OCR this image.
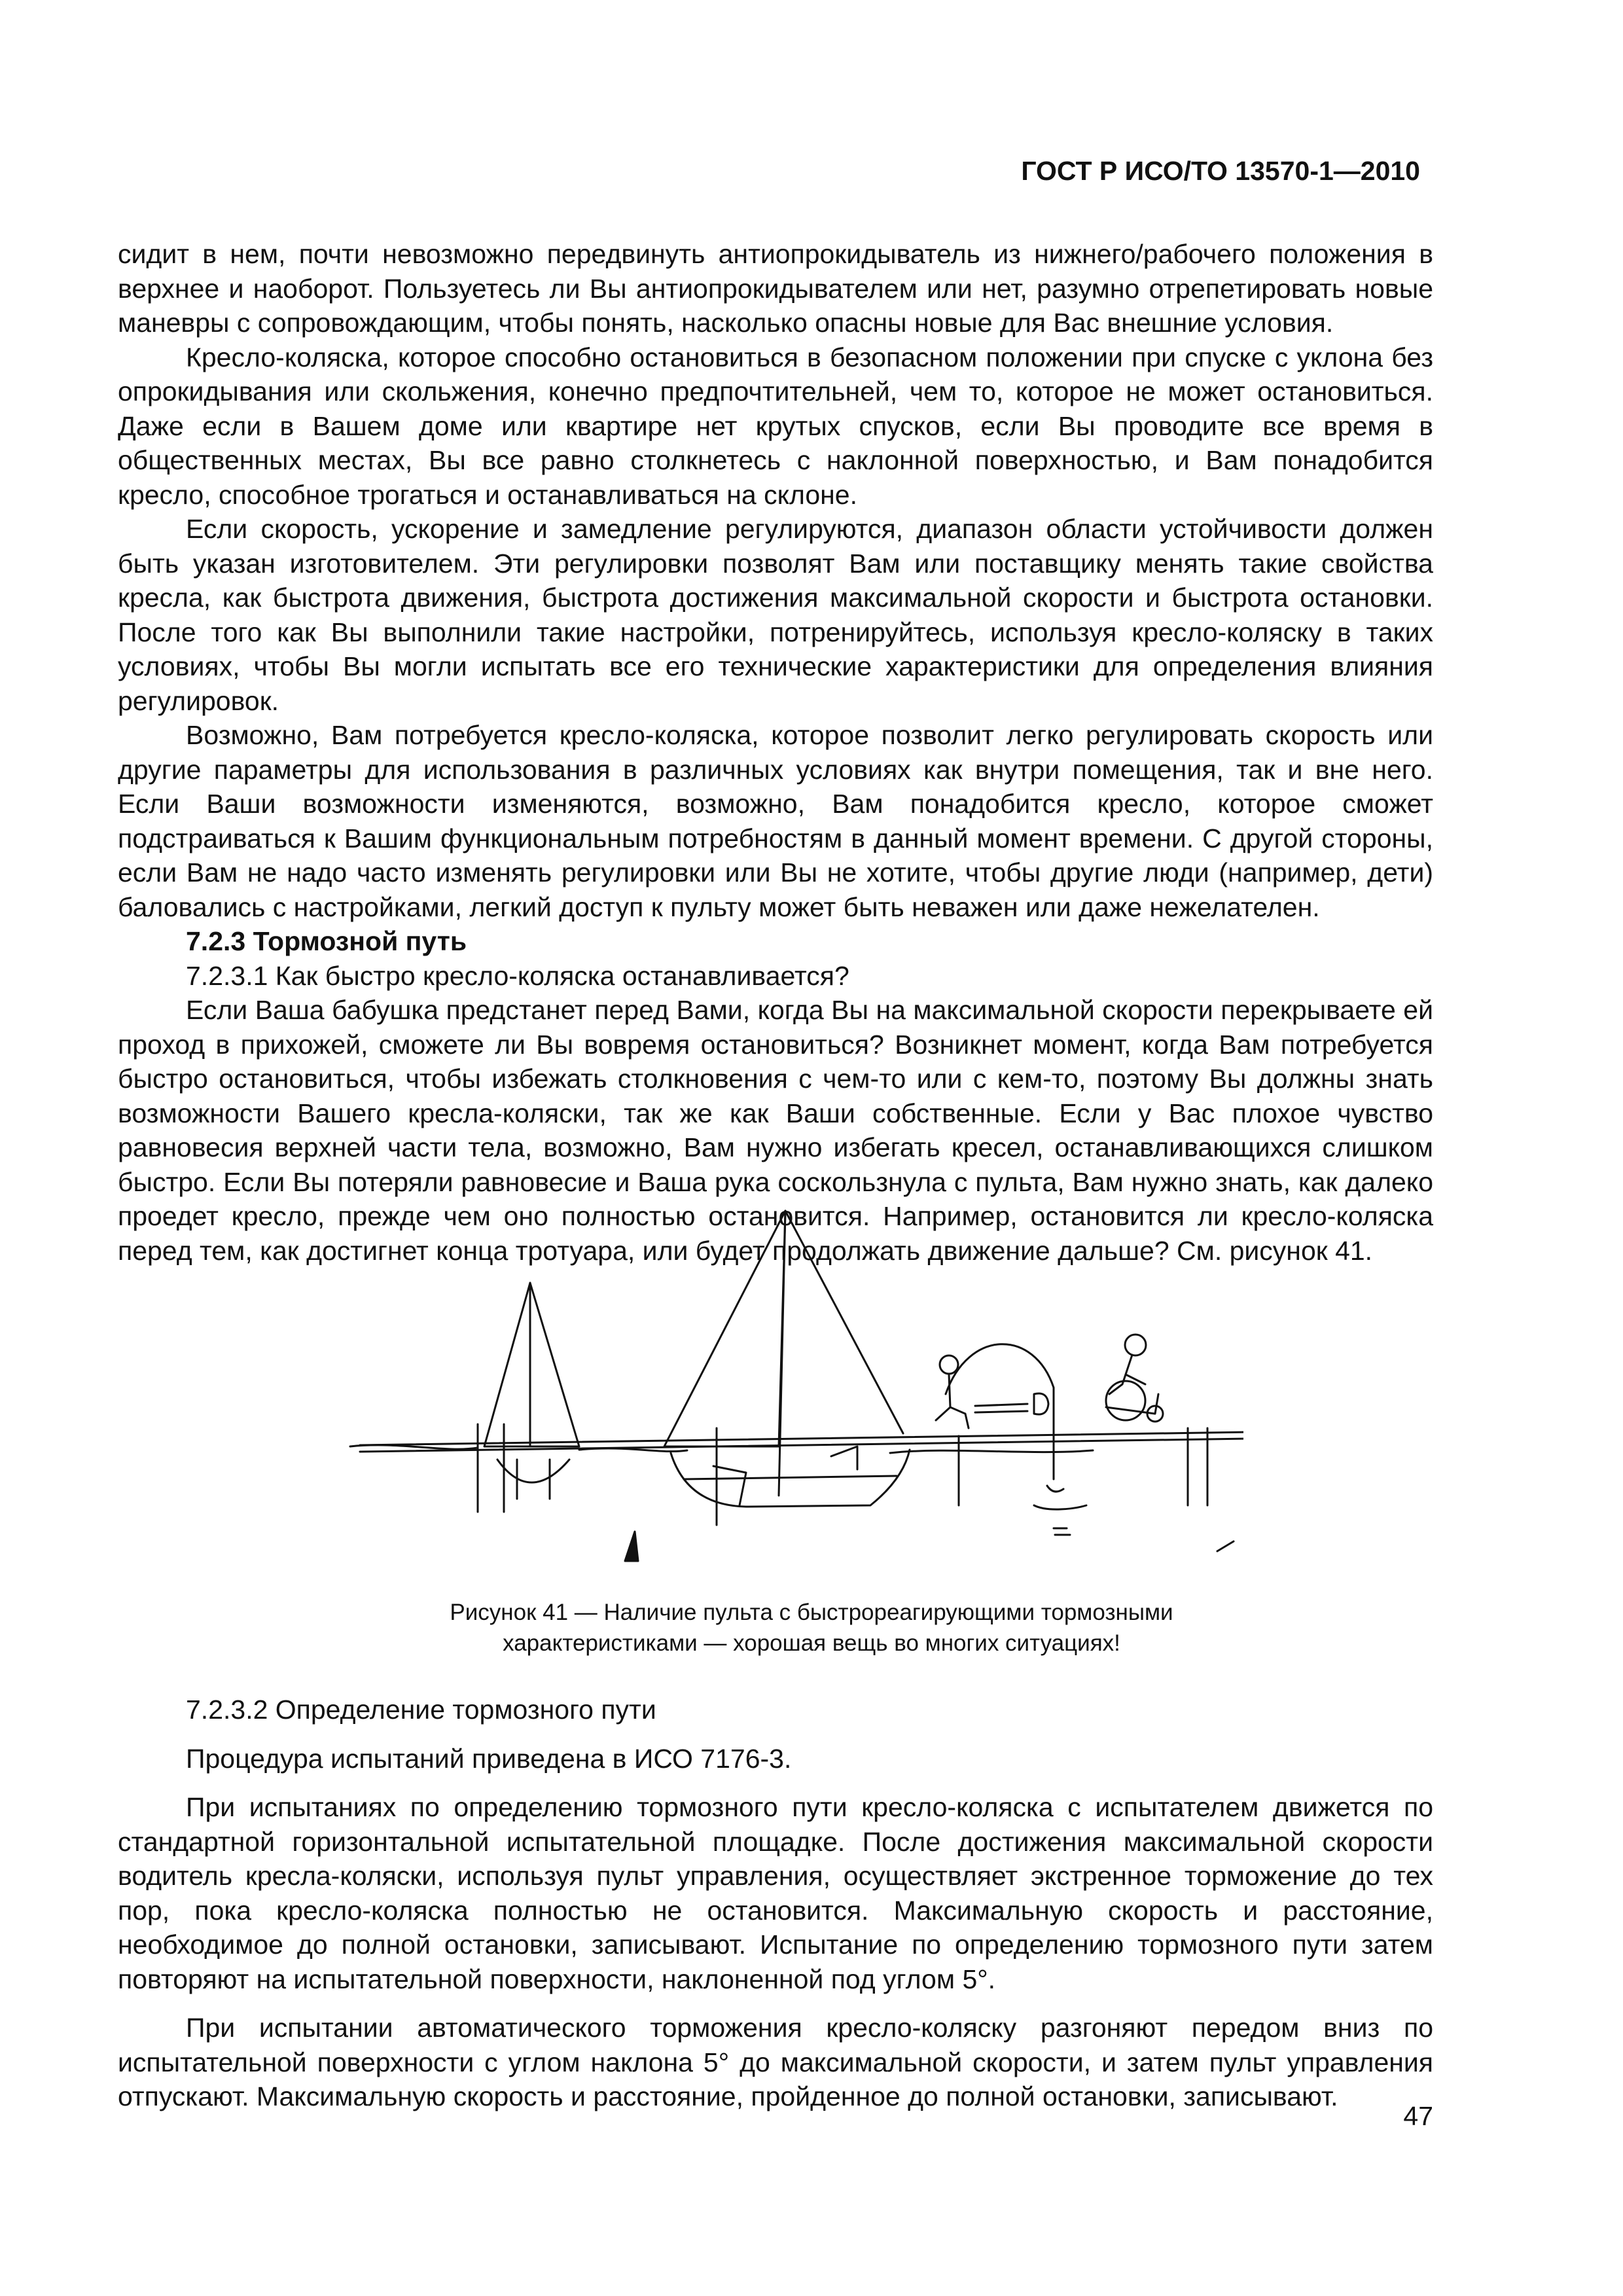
ГОСТ Р ИСО/ТО 13570-1—2010

сидит в нем, почти невозможно передвинуть антиопрокидыватель из нижнего/рабочего положения в верхнее и наоборот. Пользуетесь ли Вы антиопрокидывателем или нет, разумно отрепетировать новые маневры с сопровождающим, чтобы понять, насколько опасны новые для Вас внешние условия.

Кресло-коляска, которое способно остановиться в безопасном положении при спуске с уклона без опрокидывания или скольжения, конечно предпочтительней, чем то, которое не может остановиться. Даже если в Вашем доме или квартире нет крутых спусков, если Вы проводите все время в общественных местах, Вы все равно столкнетесь с наклонной поверхностью, и Вам понадобится кресло, способное трогаться и останавливаться на склоне.

Если скорость, ускорение и замедление регулируются, диапазон области устойчивости должен быть указан изготовителем. Эти регулировки позволят Вам или поставщику менять такие свойства кресла, как быстрота движения, быстрота достижения максимальной скорости и быстрота остановки. После того как Вы выполнили такие настройки, потренируйтесь, используя кресло-коляску в таких условиях, чтобы Вы могли испытать все его технические характеристики для определения влияния регулировок.

Возможно, Вам потребуется кресло-коляска, которое позволит легко регулировать скорость или другие параметры для использования в различных условиях как внутри помещения, так и вне него. Если Ваши возможности изменяются, возможно, Вам понадобится кресло, которое сможет подстраиваться к Вашим функциональным потребностям в данный момент времени. С другой стороны, если Вам не надо часто изменять регулировки или Вы не хотите, чтобы другие люди (например, дети) баловались с настройками, легкий доступ к пульту может быть неважен или даже нежелателен.

7.2.3 Тормозной путь

7.2.3.1 Как быстро кресло-коляска останавливается?

Если Ваша бабушка предстанет перед Вами, когда Вы на максимальной скорости перекрываете ей проход в прихожей, сможете ли Вы вовремя остановиться? Возникнет момент, когда Вам потребуется быстро остановиться, чтобы избежать столкновения с чем-то или с кем-то, поэтому Вы должны знать возможности Вашего кресла-коляски, так же как Ваши собственные. Если у Вас плохое чувство равновесия верхней части тела, возможно, Вам нужно избегать кресел, останавливающихся слишком быстро. Если Вы потеряли равновесие и Ваша рука соскользнула с пульта, Вам нужно знать, как далеко проедет кресло, прежде чем оно полностью остановится. Например, остановится ли кресло-коляска перед тем, как достигнет конца тротуара, или будет продолжать движение дальше? См. рисунок 41.

Рисунок 41 — Наличие пульта с быстрореагирующими тормозными
характеристиками — хорошая вещь во многих ситуациях!

7.2.3.2 Определение тормозного пути

Процедура испытаний приведена в ИСО 7176-3.

При испытаниях по определению тормозного пути кресло-коляска с испытателем движется по стандартной горизонтальной испытательной площадке. После достижения максимальной скорости водитель кресла-коляски, используя пульт управления, осуществляет экстренное торможение до тех пор, пока кресло-коляска полностью не остановится. Максимальную скорость и расстояние, необходимое до полной остановки, записывают. Испытание по определению тормозного пути затем повторяют на испытательной поверхности, наклоненной под углом 5°.

При испытании автоматического торможения кресло-коляску разгоняют передом вниз по испытательной поверхности с углом наклона 5° до максимальной скорости, и затем пульт управления отпускают. Максимальную скорость и расстояние, пройденное до полной остановки, записывают.

47
